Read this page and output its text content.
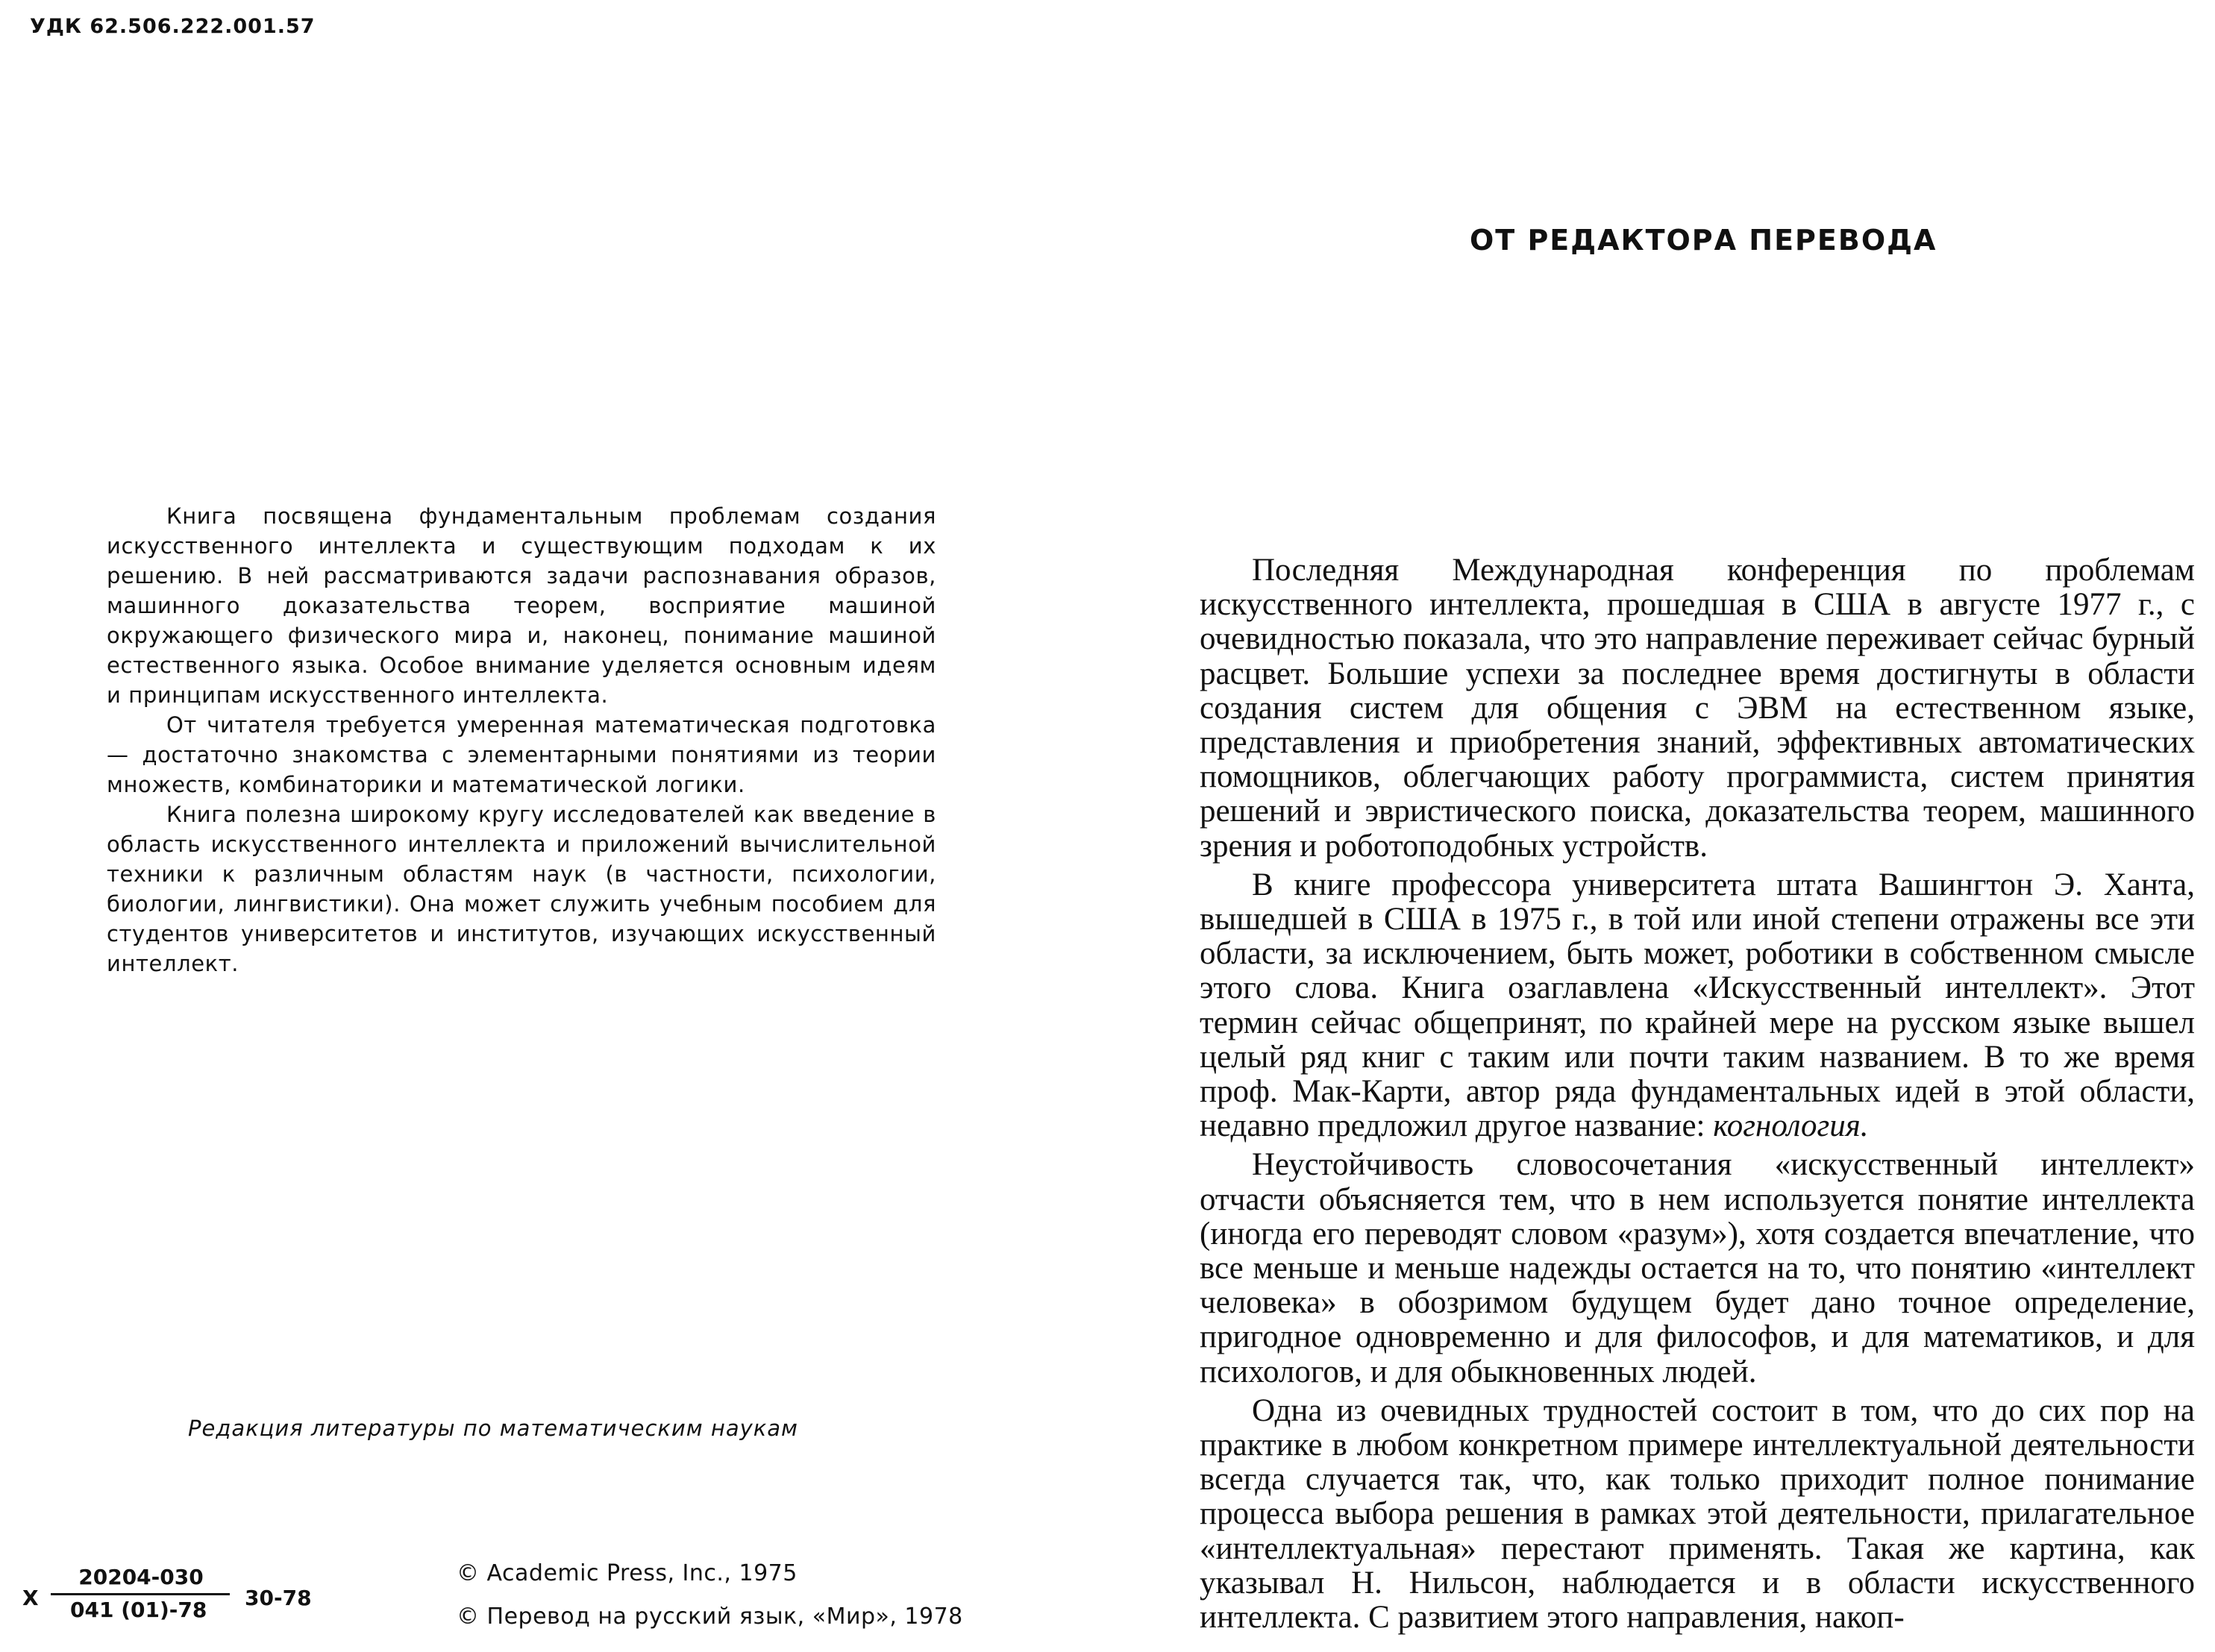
УДК 62.506.222.001.57

Книга посвящена фундаментальным проблемам создания искусственного интеллекта и существующим подходам к их решению. В ней рассматриваются задачи распознавания образов, машинного доказательства теорем, восприятие машиной окружающего физического мира и, наконец, понимание машиной естественного языка. Особое внимание уделяется основным идеям и принципам искусственного интеллекта.

От читателя требуется умеренная математическая подготовка — достаточно знакомства с элементарными понятиями из теории множеств, комбинаторики и математической логики.

Книга полезна широкому кругу исследователей как введение в область искусственного интеллекта и приложений вычислительной техники к различным областям наук (в частности, психологии, биологии, лингвистики). Она может служить учебным пособием для студентов университетов и институтов, изучающих искусственный интеллект.

Редакция литературы по математическим наукам
X
20204-030
041 (01)-78	30-78
© Academic Press, Inc., 1975
© Перевод на русский язык, «Мир», 1978
ОТ РЕДАКТОРА ПЕРЕВОДА

Последняя Международная конференция по проблемам искусственного интеллекта, прошедшая в США в августе 1977 г., с очевидностью показала, что это направление переживает сейчас бурный расцвет. Большие успехи за последнее время достигнуты в области создания систем для общения с ЭВМ на естественном языке, представления и приобретения знаний, эффективных автоматических помощников, облегчающих работу программиста, систем принятия решений и эвристического поиска, доказательства теорем, машинного зрения и роботоподобных устройств.

В книге профессора университета штата Вашингтон Э. Ханта, вышедшей в США в 1975 г., в той или иной степени отражены все эти области, за исключением, быть может, роботики в собственном смысле этого слова. Книга озаглавлена «Искусственный интеллект». Этот термин сейчас общепринят, по крайней мере на русском языке вышел целый ряд книг с таким или почти таким названием. В то же время проф. Мак-Карти, автор ряда фундаментальных идей в этой области, недавно предложил другое название: когнология.

Неустойчивость словосочетания «искусственный интеллект» отчасти объясняется тем, что в нем используется понятие интеллекта (иногда его переводят словом «разум»), хотя создается впечатление, что все меньше и меньше надежды остается на то, что понятию «интеллект человека» в обозримом будущем будет дано точное определение, пригодное одновременно и для философов, и для математиков, и для психологов, и для обыкновенных людей.

Одна из очевидных трудностей состоит в том, что до сих пор на практике в любом конкретном примере интеллектуальной деятельности всегда случается так, что, как только приходит полное понимание процесса выбора решения в рамках этой деятельности, прилагательное «интеллектуальная» перестают применять. Такая же картина, как указывал Н. Нильсон, наблюдается и в области искусственного интеллекта. С развитием этого направления, накоп-
